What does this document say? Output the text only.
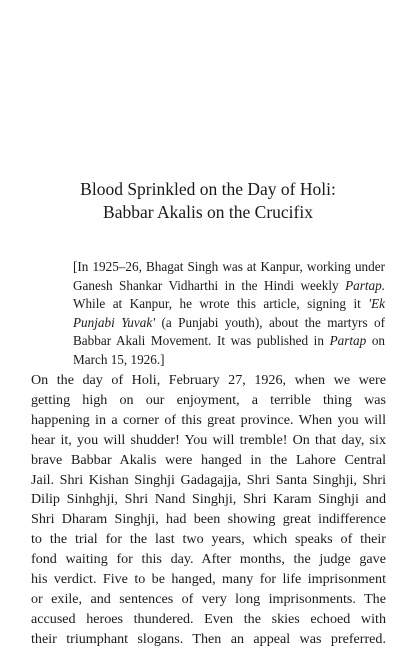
Blood Sprinkled on the Day of Holi:
Babbar Akalis on the Crucifix
[In 1925–26, Bhagat Singh was at Kanpur, working under
Ganesh Shankar Vidharthi in the Hindi weekly Partap.
While at Kanpur, he wrote this article, signing it 'Ek
Punjabi Yuvak' (a Punjabi youth), about the martyrs of
Babbar Akali Movement. It was published in Partap on
March 15, 1926.]
On the day of Holi, February 27, 1926, when we were
getting high on our enjoyment, a terrible thing was
happening in a corner of this great province. When you will
hear it, you will shudder! You will tremble! On that day, six
brave Babbar Akalis were hanged in the Lahore Central
Jail. Shri Kishan Singhji Gadagajja, Shri Santa Singhji, Shri
Dilip Sinhghji, Shri Nand Singhji, Shri Karam Singhji and
Shri Dharam Singhji, had been showing great indifference
to the trial for the last two years, which speaks of their
fond waiting for this day. After months, the judge gave
his verdict. Five to be hanged, many for life imprisonment
or exile, and sentences of very long imprisonments. The
accused heroes thundered. Even the skies echoed with
their triumphant slogans. Then an appeal was preferred.
